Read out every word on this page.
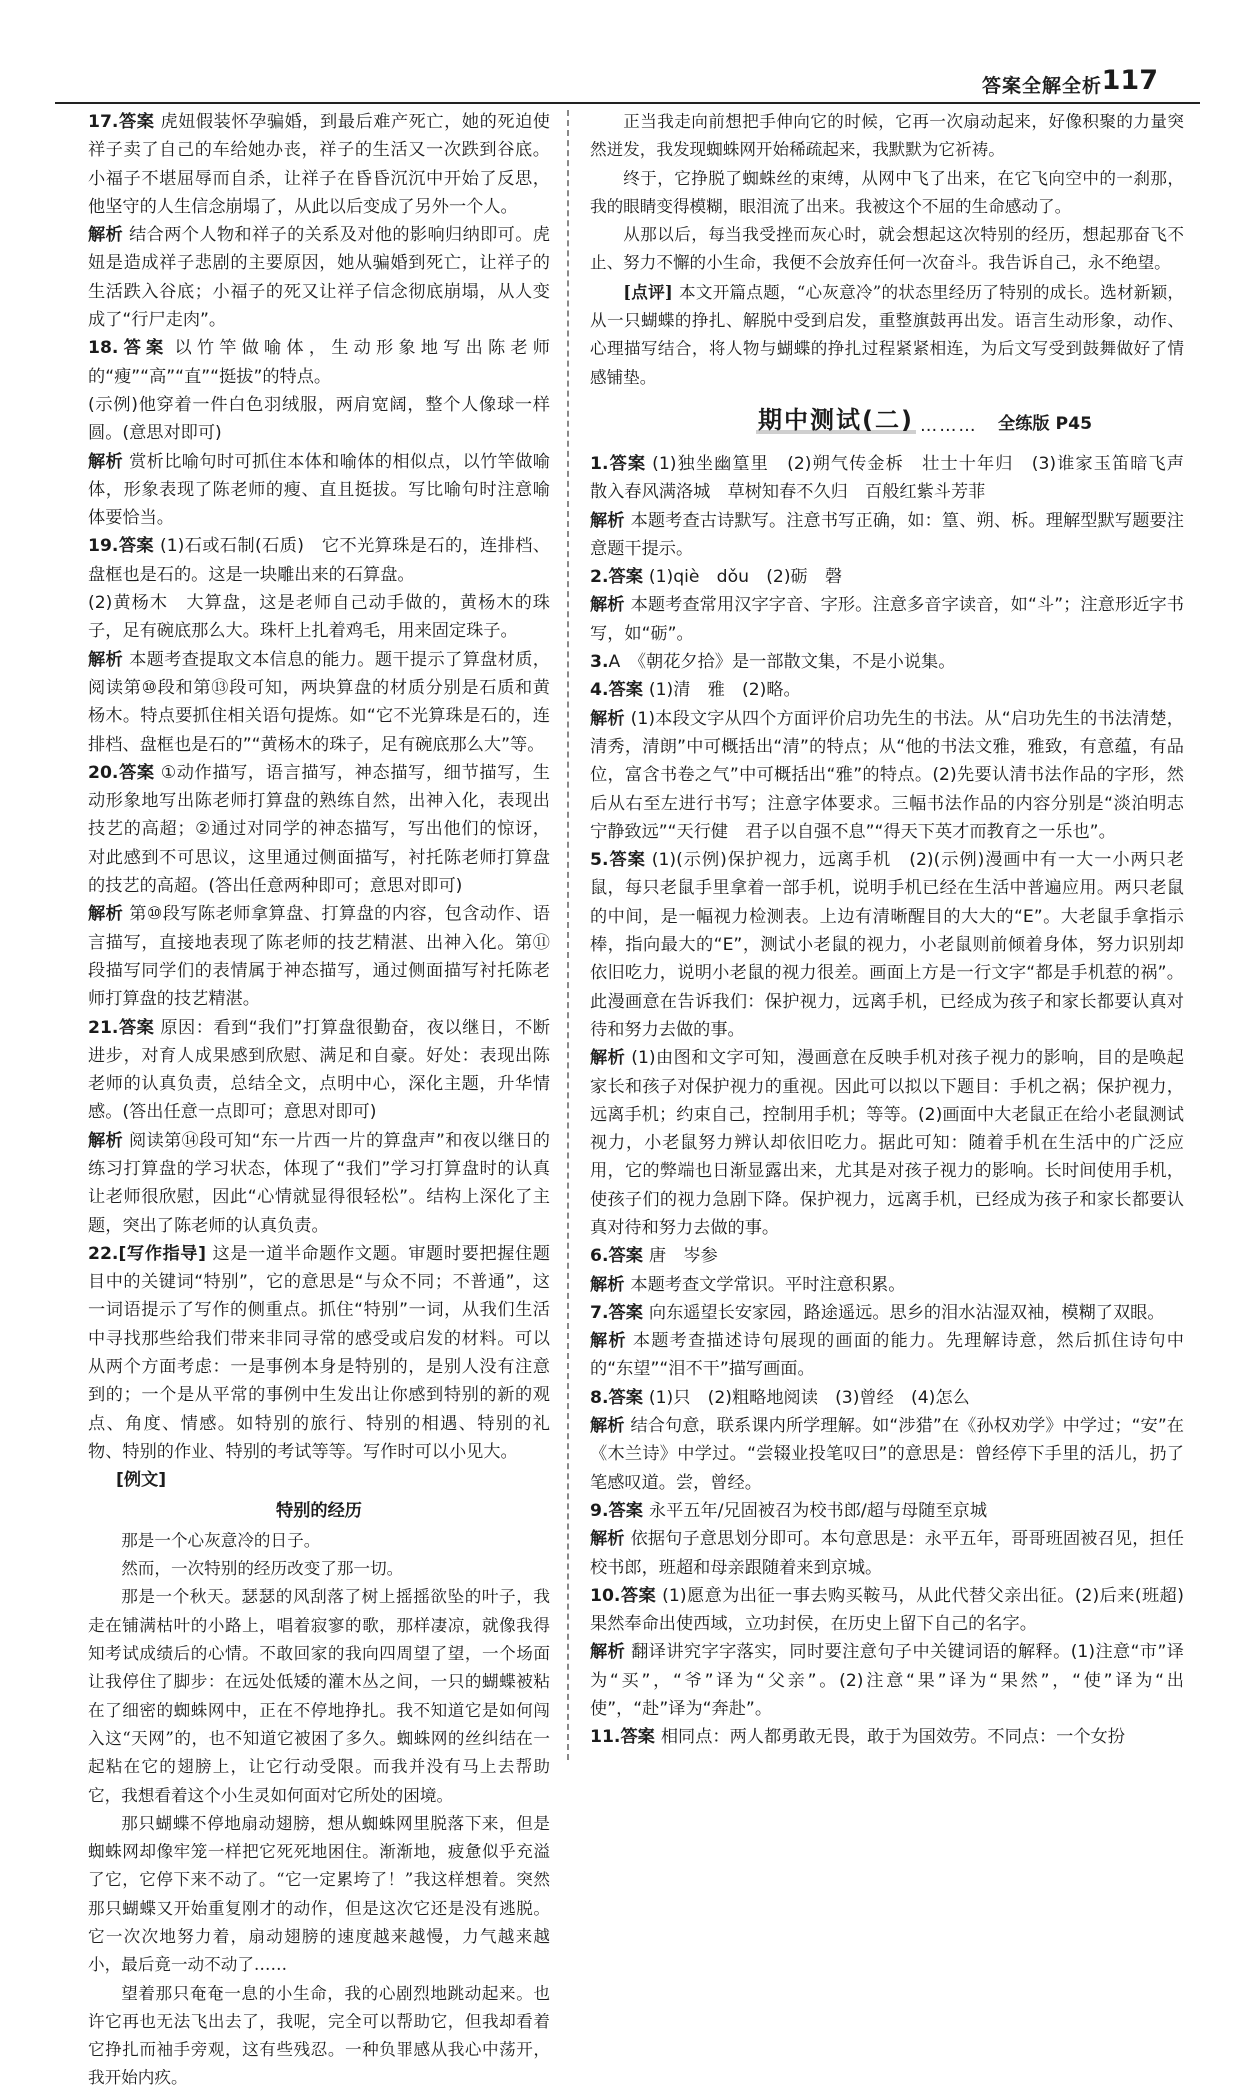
答案全解全析 117

17.答案 虎妞假装怀孕骗婚，到最后难产死亡，她的死迫使祥子卖了自己的车给她办丧，祥子的生活又一次跌到谷底。小福子不堪屈辱而自杀，让祥子在昏昏沉沉中开始了反思，他坚守的人生信念崩塌了，从此以后变成了另外一个人。

解析 结合两个人物和祥子的关系及对他的影响归纳即可。虎妞是造成祥子悲剧的主要原因，她从骗婚到死亡，让祥子的生活跌入谷底；小福子的死又让祥子信念彻底崩塌，从人变成了“行尸走肉”。

18.答案 以竹竿做喻体，生动形象地写出陈老师的“瘦”“高”“直”“挺拔”的特点。

(示例)他穿着一件白色羽绒服，两肩宽阔，整个人像球一样圆。(意思对即可)

解析 赏析比喻句时可抓住本体和喻体的相似点，以竹竿做喻体，形象表现了陈老师的瘦、直且挺拔。写比喻句时注意喻体要恰当。

19.答案 (1)石或石制(石质)　它不光算珠是石的，连排档、盘框也是石的。这是一块雕出来的石算盘。

(2)黄杨木　大算盘，这是老师自己动手做的，黄杨木的珠子，足有碗底那么大。珠杆上扎着鸡毛，用来固定珠子。

解析 本题考查提取文本信息的能力。题干提示了算盘材质，阅读第⑩段和第⑬段可知，两块算盘的材质分别是石质和黄杨木。特点要抓住相关语句提炼。如“它不光算珠是石的，连排档、盘框也是石的”“黄杨木的珠子，足有碗底那么大”等。

20.答案 ①动作描写，语言描写，神态描写，细节描写，生动形象地写出陈老师打算盘的熟练自然，出神入化，表现出技艺的高超；②通过对同学的神态描写，写出他们的惊讶，对此感到不可思议，这里通过侧面描写，衬托陈老师打算盘的技艺的高超。(答出任意两种即可；意思对即可)

解析 第⑩段写陈老师拿算盘、打算盘的内容，包含动作、语言描写，直接地表现了陈老师的技艺精湛、出神入化。第⑪段描写同学们的表情属于神态描写，通过侧面描写衬托陈老师打算盘的技艺精湛。

21.答案 原因：看到“我们”打算盘很勤奋，夜以继日，不断进步，对育人成果感到欣慰、满足和自豪。好处：表现出陈老师的认真负责，总结全文，点明中心，深化主题，升华情感。(答出任意一点即可；意思对即可)

解析 阅读第⑭段可知“东一片西一片的算盘声”和夜以继日的练习打算盘的学习状态，体现了“我们”学习打算盘时的认真让老师很欣慰，因此“心情就显得很轻松”。结构上深化了主题，突出了陈老师的认真负责。

22.[写作指导] 这是一道半命题作文题。审题时要把握住题目中的关键词“特别”，它的意思是“与众不同；不普通”，这一词语提示了写作的侧重点。抓住“特别”一词，从我们生活中寻找那些给我们带来非同寻常的感受或启发的材料。可以从两个方面考虑：一是事例本身是特别的，是别人没有注意到的；一个是从平常的事例中生发出让你感到特别的新的观点、角度、情感。如特别的旅行、特别的相遇、特别的礼物、特别的作业、特别的考试等等。写作时可以小见大。

[例文]
特别的经历

那是一个心灰意冷的日子。

然而，一次特别的经历改变了那一切。

那是一个秋天。瑟瑟的风刮落了树上摇摇欲坠的叶子，我走在铺满枯叶的小路上，唱着寂寥的歌，那样凄凉，就像我得知考试成绩后的心情。不敢回家的我向四周望了望，一个场面让我停住了脚步：在远处低矮的灌木丛之间，一只的蝴蝶被粘在了细密的蜘蛛网中，正在不停地挣扎。我不知道它是如何闯入这“天网”的，也不知道它被困了多久。蜘蛛网的丝纠结在一起粘在它的翅膀上，让它行动受限。而我并没有马上去帮助它，我想看着这个小生灵如何面对它所处的困境。

那只蝴蝶不停地扇动翅膀，想从蜘蛛网里脱落下来，但是蜘蛛网却像牢笼一样把它死死地困住。渐渐地，疲惫似乎充溢了它，它停下来不动了。“它一定累垮了！”我这样想着。突然那只蝴蝶又开始重复刚才的动作，但是这次它还是没有逃脱。它一次次地努力着，扇动翅膀的速度越来越慢，力气越来越小，最后竟一动不动了……

望着那只奄奄一息的小生命，我的心剧烈地跳动起来。也许它再也无法飞出去了，我呢，完全可以帮助它，但我却看着它挣扎而袖手旁观，这有些残忍。一种负罪感从我心中荡开，我开始内疚。

正当我走向前想把手伸向它的时候，它再一次扇动起来，好像积聚的力量突然迸发，我发现蜘蛛网开始稀疏起来，我默默为它祈祷。

终于，它挣脱了蜘蛛丝的束缚，从网中飞了出来，在它飞向空中的一刹那，我的眼睛变得模糊，眼泪流了出来。我被这个不屈的生命感动了。

从那以后，每当我受挫而灰心时，就会想起这次特别的经历，想起那奋飞不止、努力不懈的小生命，我便不会放弃任何一次奋斗。我告诉自己，永不绝望。

[点评] 本文开篇点题，“心灰意冷”的状态里经历了特别的成长。选材新颖，从一只蝴蝶的挣扎、解脱中受到启发，重整旗鼓再出发。语言生动形象，动作、心理描写结合，将人物与蝴蝶的挣扎过程紧紧相连，为后文写受到鼓舞做好了情感铺垫。

期中测试(二) ……… 全练版 P45

1.答案 (1)独坐幽篁里　(2)朔气传金柝　壮士十年归　(3)谁家玉笛暗飞声　散入春风满洛城　草树知春不久归　百般红紫斗芳菲

解析 本题考查古诗默写。注意书写正确，如：篁、朔、柝。理解型默写题要注意题干提示。

2.答案 (1)qiè　dǒu　(2)砺　磬

解析 本题考查常用汉字字音、字形。注意多音字读音，如“斗”；注意形近字书写，如“砺”。

3.A　《朝花夕拾》是一部散文集，不是小说集。

4.答案 (1)清　雅　(2)略。

解析 (1)本段文字从四个方面评价启功先生的书法。从“启功先生的书法清楚，清秀，清朗”中可概括出“清”的特点；从“他的书法文雅，雅致，有意蕴，有品位，富含书卷之气”中可概括出“雅”的特点。(2)先要认清书法作品的字形，然后从右至左进行书写；注意字体要求。三幅书法作品的内容分别是“淡泊明志　宁静致远”“天行健　君子以自强不息”“得天下英才而教育之一乐也”。

5.答案 (1)(示例)保护视力，远离手机　(2)(示例)漫画中有一大一小两只老鼠，每只老鼠手里拿着一部手机，说明手机已经在生活中普遍应用。两只老鼠的中间，是一幅视力检测表。上边有清晰醒目的大大的“E”。大老鼠手拿指示棒，指向最大的“E”，测试小老鼠的视力，小老鼠则前倾着身体，努力识别却依旧吃力，说明小老鼠的视力很差。画面上方是一行文字“都是手机惹的祸”。此漫画意在告诉我们：保护视力，远离手机，已经成为孩子和家长都要认真对待和努力去做的事。

解析 (1)由图和文字可知，漫画意在反映手机对孩子视力的影响，目的是唤起家长和孩子对保护视力的重视。因此可以拟以下题目：手机之祸；保护视力，远离手机；约束自己，控制用手机；等等。(2)画面中大老鼠正在给小老鼠测试视力，小老鼠努力辨认却依旧吃力。据此可知：随着手机在生活中的广泛应用，它的弊端也日渐显露出来，尤其是对孩子视力的影响。长时间使用手机，使孩子们的视力急剧下降。保护视力，远离手机，已经成为孩子和家长都要认真对待和努力去做的事。

6.答案 唐　岑参

解析 本题考查文学常识。平时注意积累。

7.答案 向东遥望长安家园，路途遥远。思乡的泪水沾湿双袖，模糊了双眼。

解析 本题考查描述诗句展现的画面的能力。先理解诗意，然后抓住诗句中的“东望”“泪不干”描写画面。

8.答案 (1)只　(2)粗略地阅读　(3)曾经　(4)怎么

解析 结合句意，联系课内所学理解。如“涉猎”在《孙权劝学》中学过；“安”在《木兰诗》中学过。“尝辍业投笔叹曰”的意思是：曾经停下手里的活儿，扔了笔感叹道。尝，曾经。

9.答案 永平五年/兄固被召为校书郎/超与母随至京城

解析 依据句子意思划分即可。本句意思是：永平五年，哥哥班固被召见，担任校书郎，班超和母亲跟随着来到京城。

10.答案 (1)愿意为出征一事去购买鞍马，从此代替父亲出征。(2)后来(班超)果然奉命出使西域，立功封侯，在历史上留下自己的名字。

解析 翻译讲究字字落实，同时要注意句子中关键词语的解释。(1)注意“市”译为“买”，“爷”译为“父亲”。(2)注意“果”译为“果然”，“使”译为“出使”，“赴”译为“奔赴”。

11.答案 相同点：两人都勇敢无畏，敢于为国效劳。不同点：一个女扮
